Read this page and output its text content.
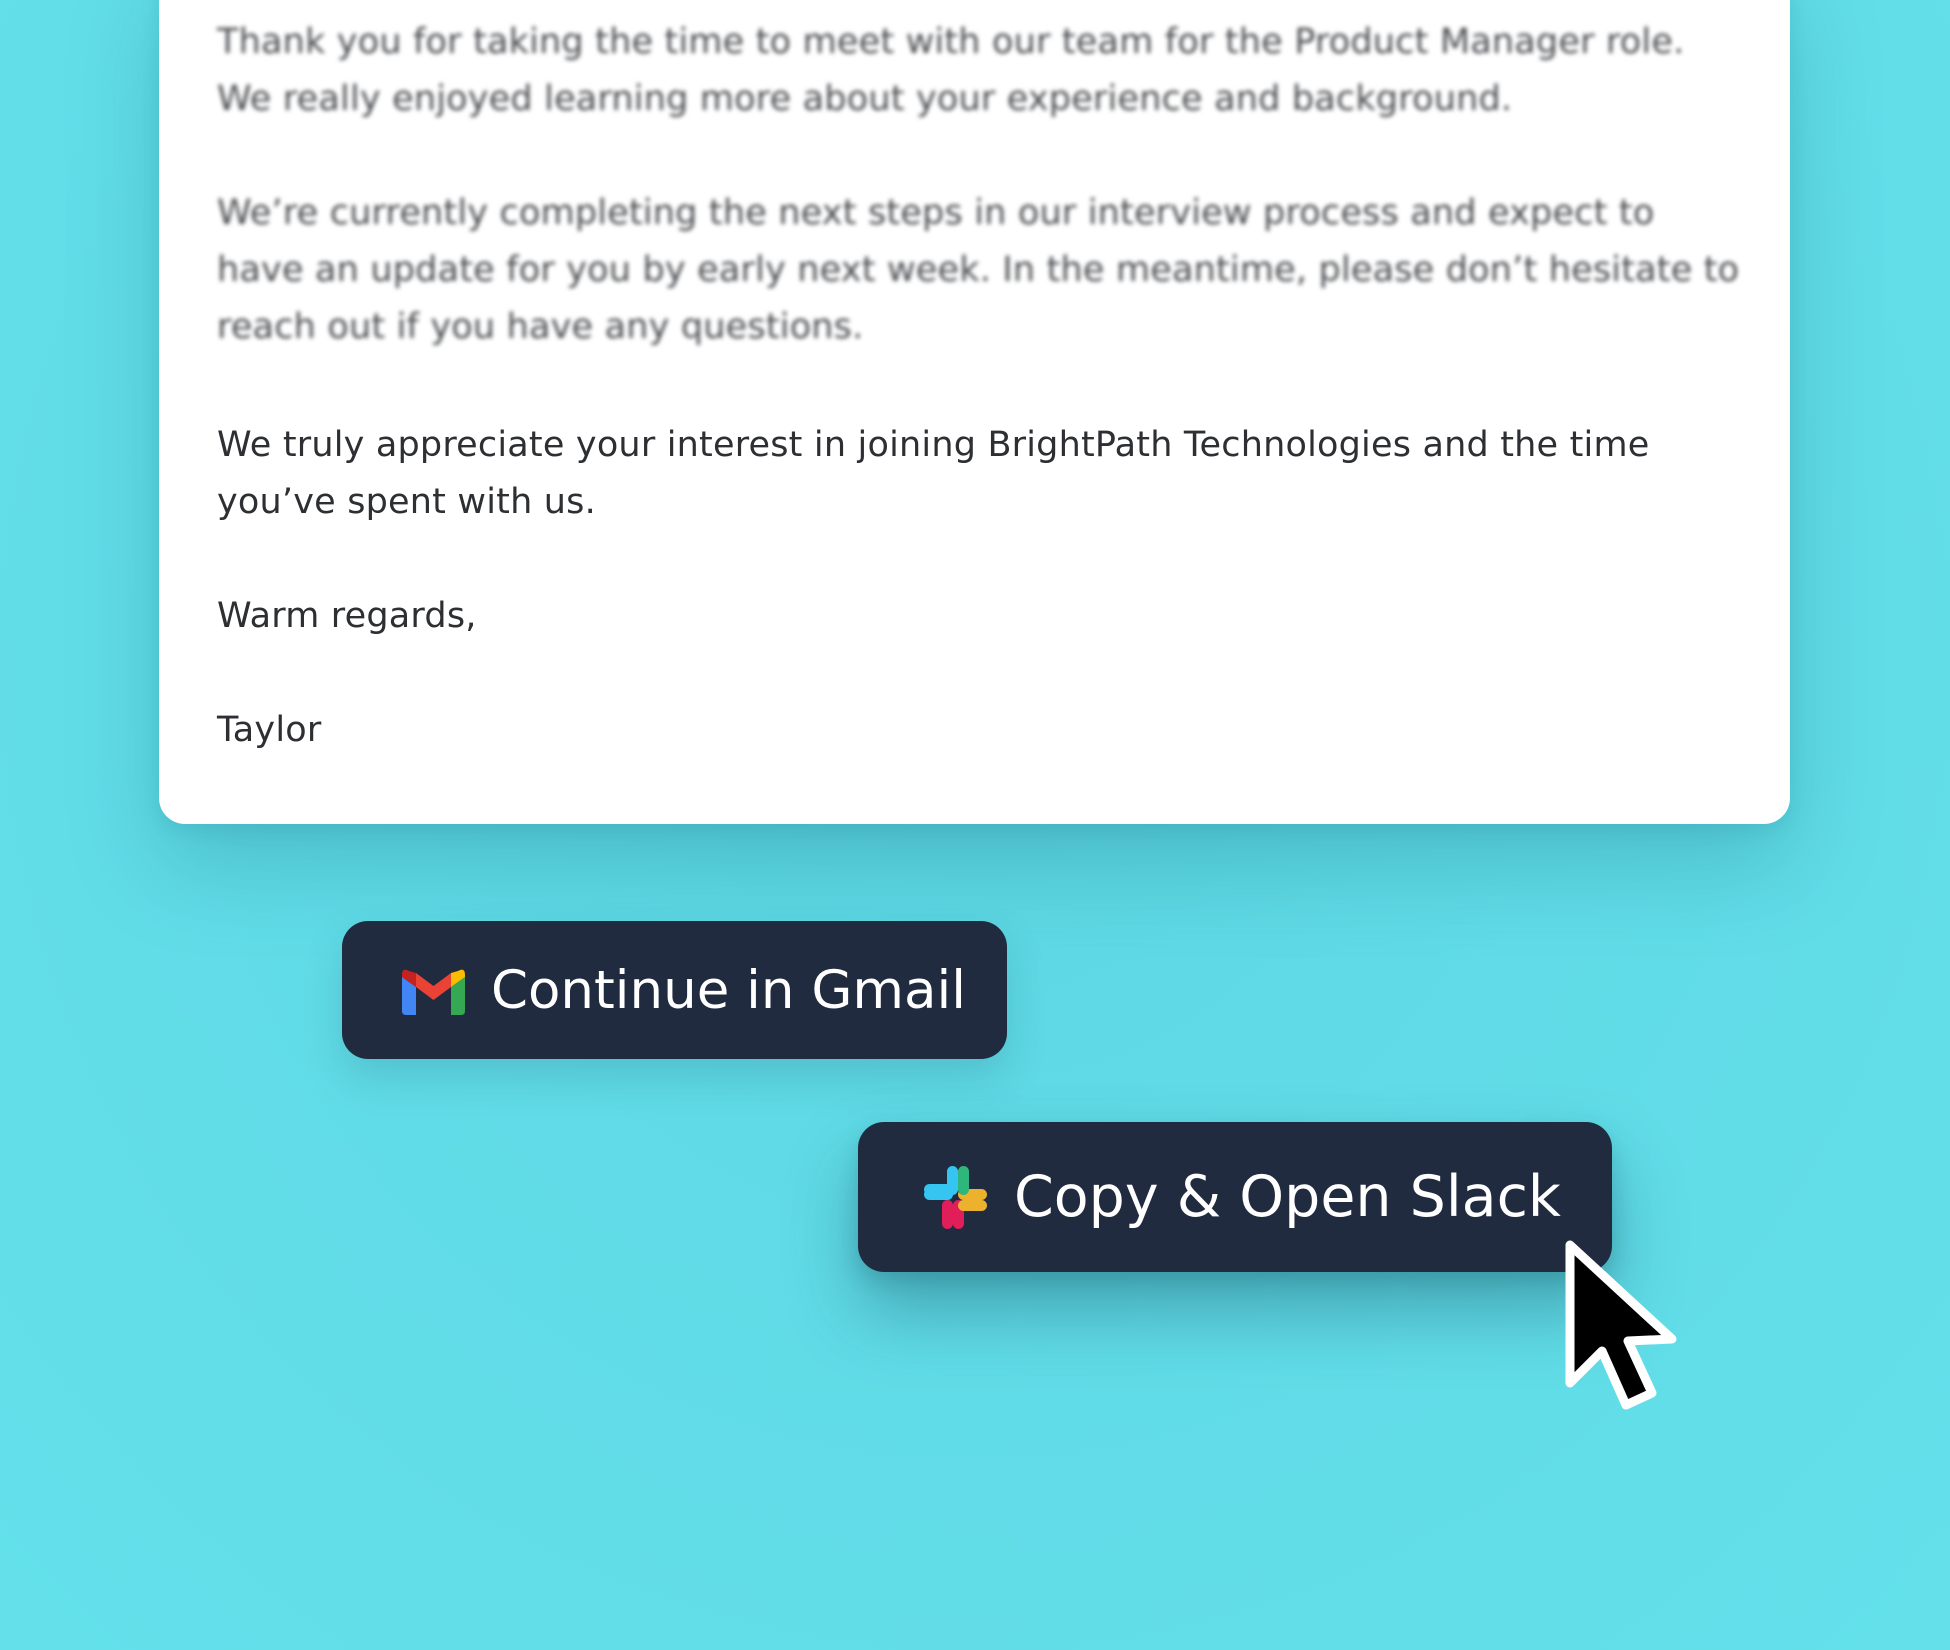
Thank you for taking the time to meet with our team for the Product Manager role. We really enjoyed learning more about your experience and background.

We’re currently completing the next steps in our interview process and expect to have an update for you by early next week. In the meantime, please don’t hesitate to reach out if you have any questions.

We truly appreciate your interest in joining BrightPath Technologies and the time you’ve spent with us.

Warm regards,

Taylor

Continue in Gmail
Copy & Open Slack
